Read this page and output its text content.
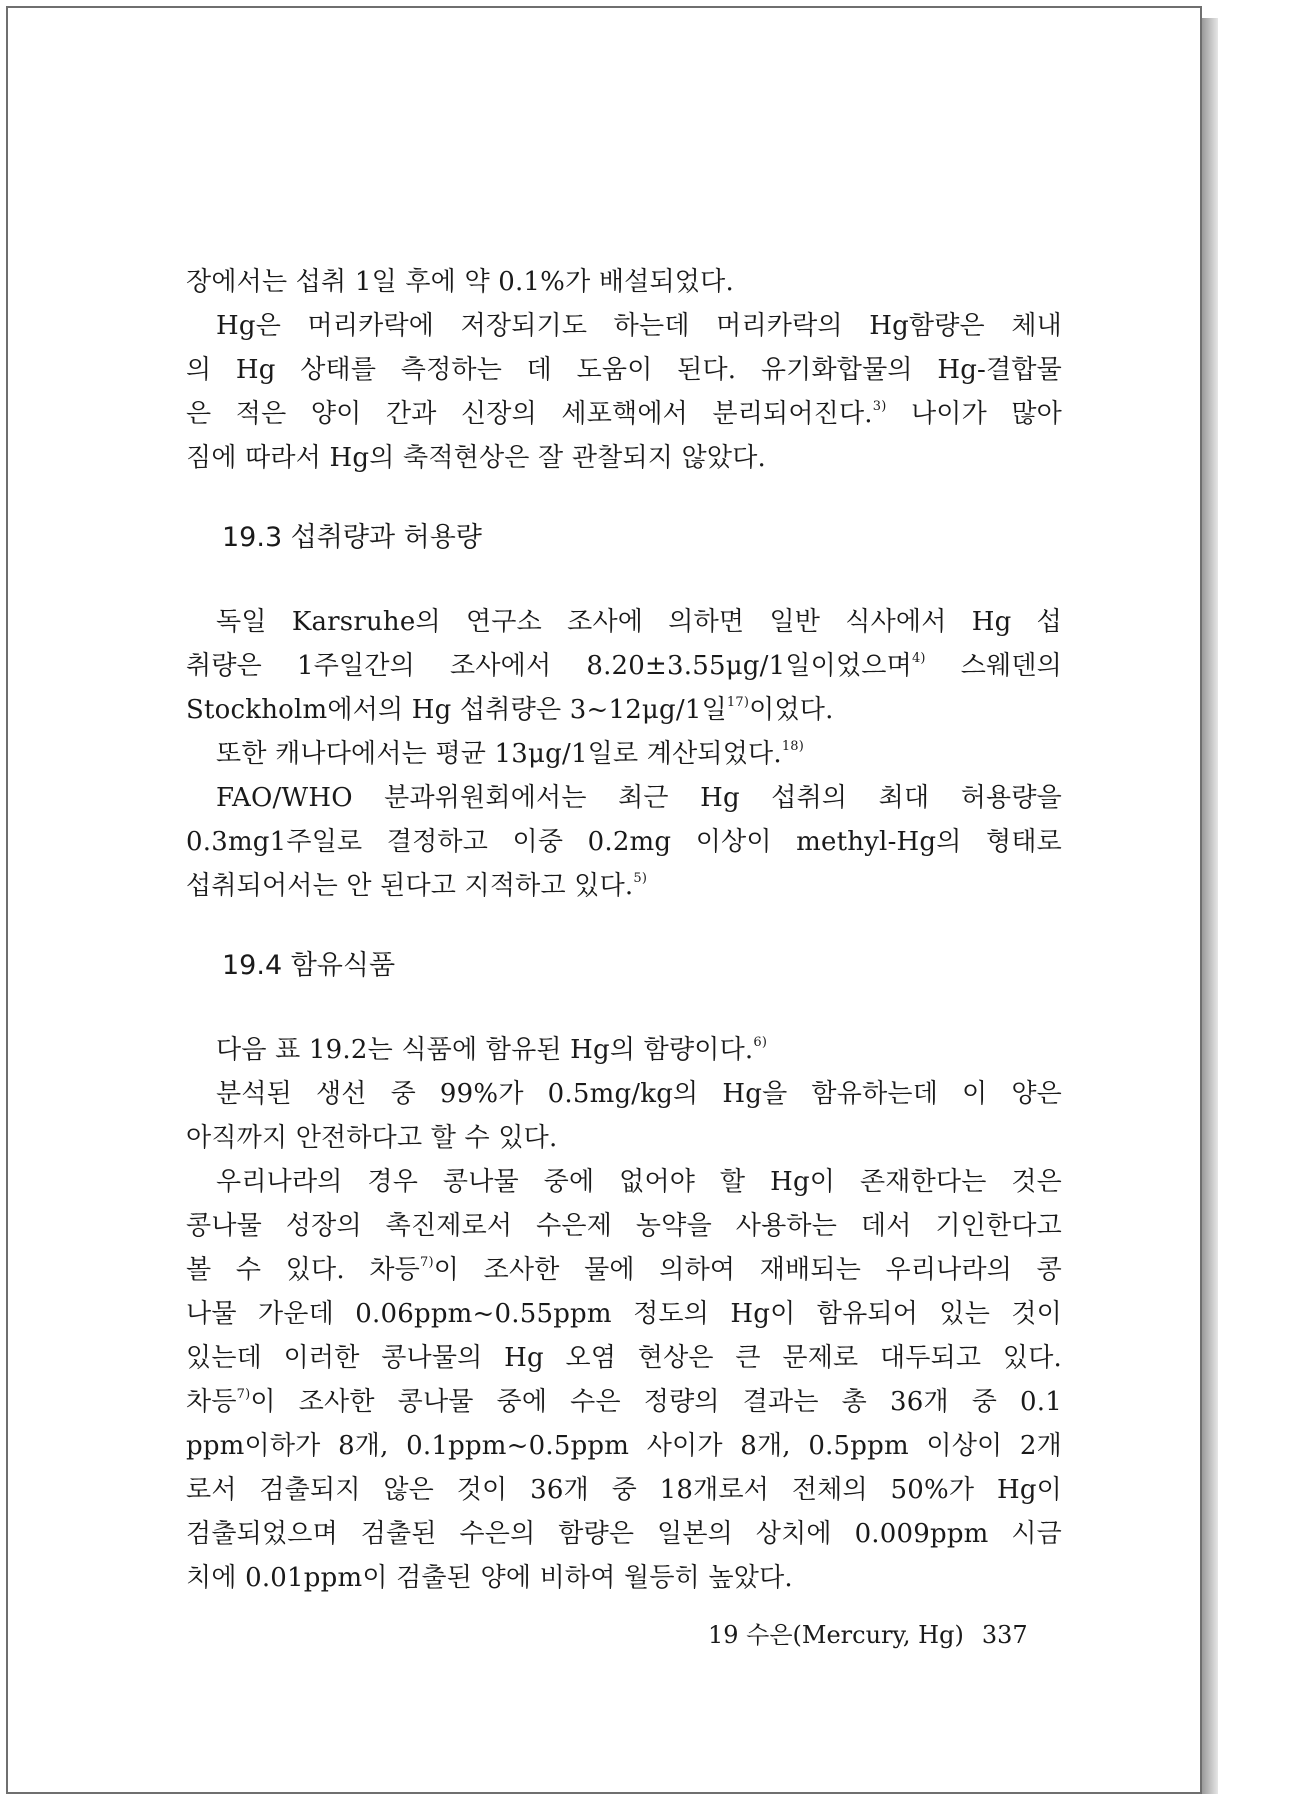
장에서는 섭취 1일 후에 약 0.1%가 배설되었다.
Hg은 머리카락에 저장되기도 하는데 머리카락의 Hg함량은 체내
의 Hg 상태를 측정하는 데 도움이 된다. 유기화합물의 Hg-결합물
은 적은 양이 간과 신장의 세포핵에서 분리되어진다.$^{3)}$ 나이가 많아
짐에 따라서 Hg의 축적현상은 잘 관찰되지 않았다.
19.3 섭취량과 허용량
독일 Karsruhe의 연구소 조사에 의하면 일반 식사에서 Hg 섭
취량은 1주일간의 조사에서 8.20±3.55μg/1일이었으며$^{4)}$ 스웨덴의
Stockholm에서의 Hg 섭취량은 3~12μg/1일$^{17)}$이었다.
또한 캐나다에서는 평균 13μg/1일로 계산되었다.$^{18)}$
FAO/WHO 분과위원회에서는 최근 Hg 섭취의 최대 허용량을
0.3mg1주일로 결정하고 이중 0.2mg 이상이 methyl-Hg의 형태로
섭취되어서는 안 된다고 지적하고 있다.$^{5)}$
19.4 함유식품
다음 표 19.2는 식품에 함유된 Hg의 함량이다.$^{6)}$
분석된 생선 중 99%가 0.5mg/kg의 Hg을 함유하는데 이 양은
아직까지 안전하다고 할 수 있다.
우리나라의 경우 콩나물 중에 없어야 할 Hg이 존재한다는 것은
콩나물 성장의 촉진제로서 수은제 농약을 사용하는 데서 기인한다고
볼 수 있다. 차등$^{7)}$이 조사한 물에 의하여 재배되는 우리나라의 콩
나물 가운데 0.06ppm~0.55ppm 정도의 Hg이 함유되어 있는 것이
있는데 이러한 콩나물의 Hg 오염 현상은 큰 문제로 대두되고 있다.
차등$^{7)}$이 조사한 콩나물 중에 수은 정량의 결과는 총 36개 중 0.1
ppm이하가 8개, 0.1ppm~0.5ppm 사이가 8개, 0.5ppm 이상이 2개
로서 검출되지 않은 것이 36개 중 18개로서 전체의 50%가 Hg이
검출되었으며 검출된 수은의 함량은 일본의 상치에 0.009ppm 시금
치에 0.01ppm이 검출된 양에 비하여 월등히 높았다.
19 수은(Mercury, Hg) 337
